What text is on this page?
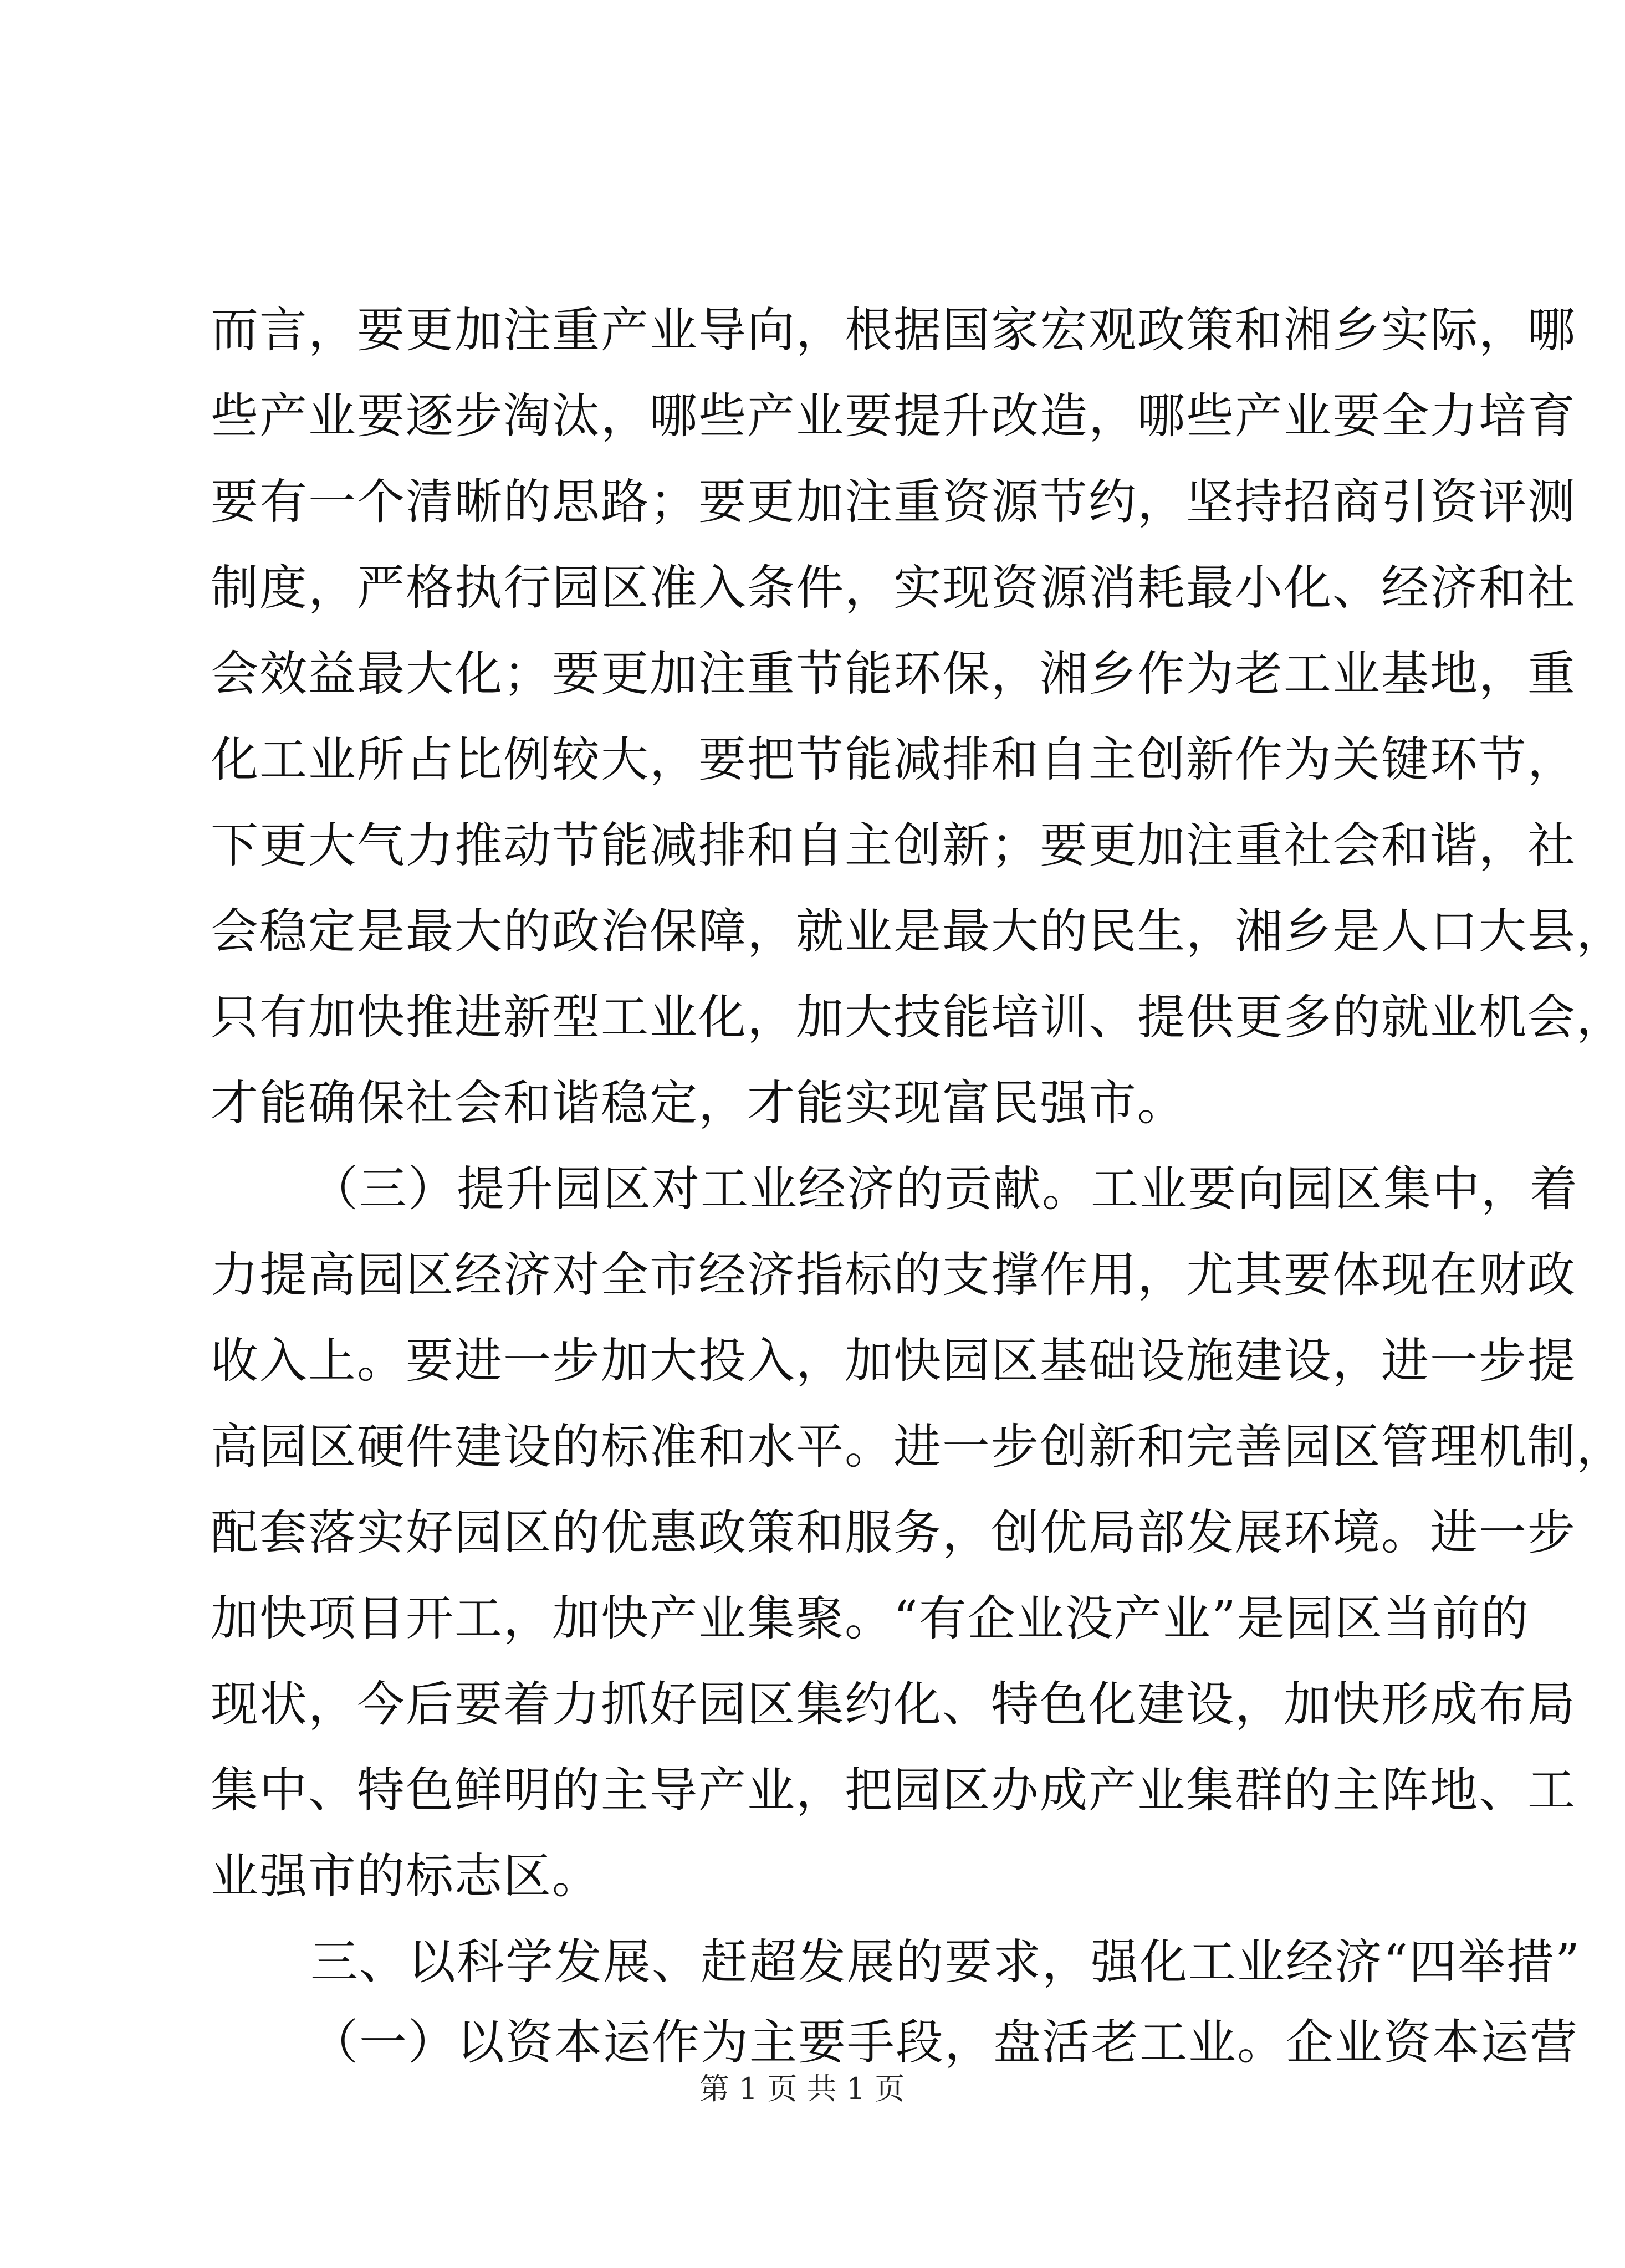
而言，要更加注重产业导向，根据国家宏观政策和湘乡实际，哪
些产业要逐步淘汰，哪些产业要提升改造，哪些产业要全力培育
要有一个清晰的思路；要更加注重资源节约，坚持招商引资评测
制度，严格执行园区准入条件，实现资源消耗最小化、经济和社
会效益最大化；要更加注重节能环保，湘乡作为老工业基地，重
化工业所占比例较大，要把节能减排和自主创新作为关键环节，
下更大气力推动节能减排和自主创新；要更加注重社会和谐，社
会稳定是最大的政治保障，就业是最大的民生，湘乡是人口大县，
只有加快推进新型工业化，加大技能培训、提供更多的就业机会，
才能确保社会和谐稳定，才能实现富民强市。
（三）提升园区对工业经济的贡献。工业要向园区集中，着
力提高园区经济对全市经济指标的支撑作用，尤其要体现在财政
收入上。要进一步加大投入，加快园区基础设施建设，进一步提
高园区硬件建设的标准和水平。进一步创新和完善园区管理机制，
配套落实好园区的优惠政策和服务，创优局部发展环境。进一步
加快项目开工，加快产业集聚。“有企业没产业”是园区当前的
现状，今后要着力抓好园区集约化、特色化建设，加快形成布局
集中、特色鲜明的主导产业，把园区办成产业集群的主阵地、工
业强市的标志区。
三、以科学发展、赶超发展的要求，强化工业经济“四举措”
（一）以资本运作为主要手段，盘活老工业。企业资本运营
第 1 页 共 1 页
